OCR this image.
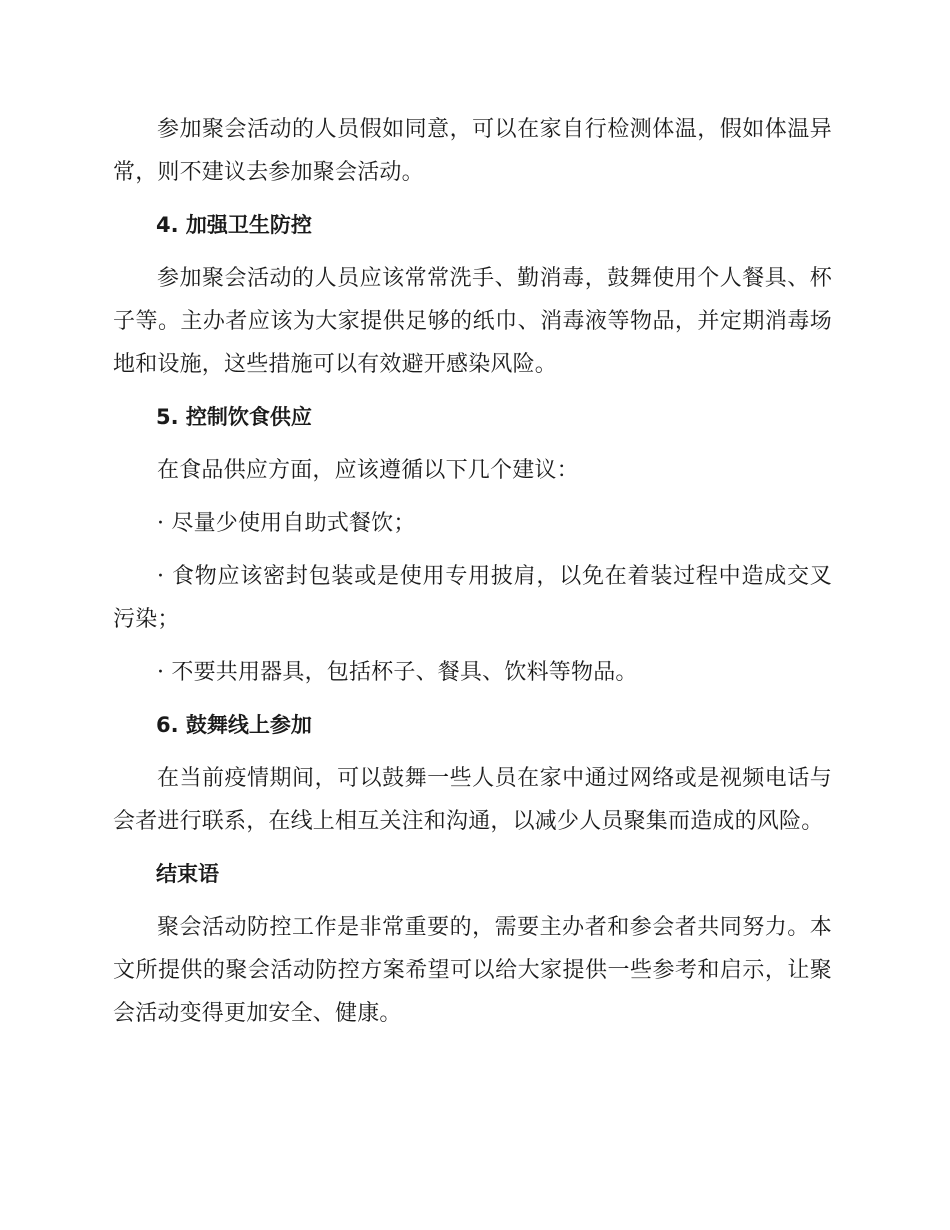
参加聚会活动的人员假如同意，可以在家自行检测体温，假如体温异常，则不建议去参加聚会活动。

4. 加强卫生防控

参加聚会活动的人员应该常常洗手、勤消毒，鼓舞使用个人餐具、杯子等。主办者应该为大家提供足够的纸巾、消毒液等物品，并定期消毒场地和设施，这些措施可以有效避开感染风险。

5. 控制饮食供应

在食品供应方面，应该遵循以下几个建议：

· 尽量少使用自助式餐饮；

· 食物应该密封包装或是使用专用披肩，以免在着装过程中造成交叉污染；

· 不要共用器具，包括杯子、餐具、饮料等物品。

6. 鼓舞线上参加

在当前疫情期间，可以鼓舞一些人员在家中通过网络或是视频电话与会者进行联系，在线上相互关注和沟通，以减少人员聚集而造成的风险。

结束语

聚会活动防控工作是非常重要的，需要主办者和参会者共同努力。本文所提供的聚会活动防控方案希望可以给大家提供一些参考和启示，让聚会活动变得更加安全、健康。
